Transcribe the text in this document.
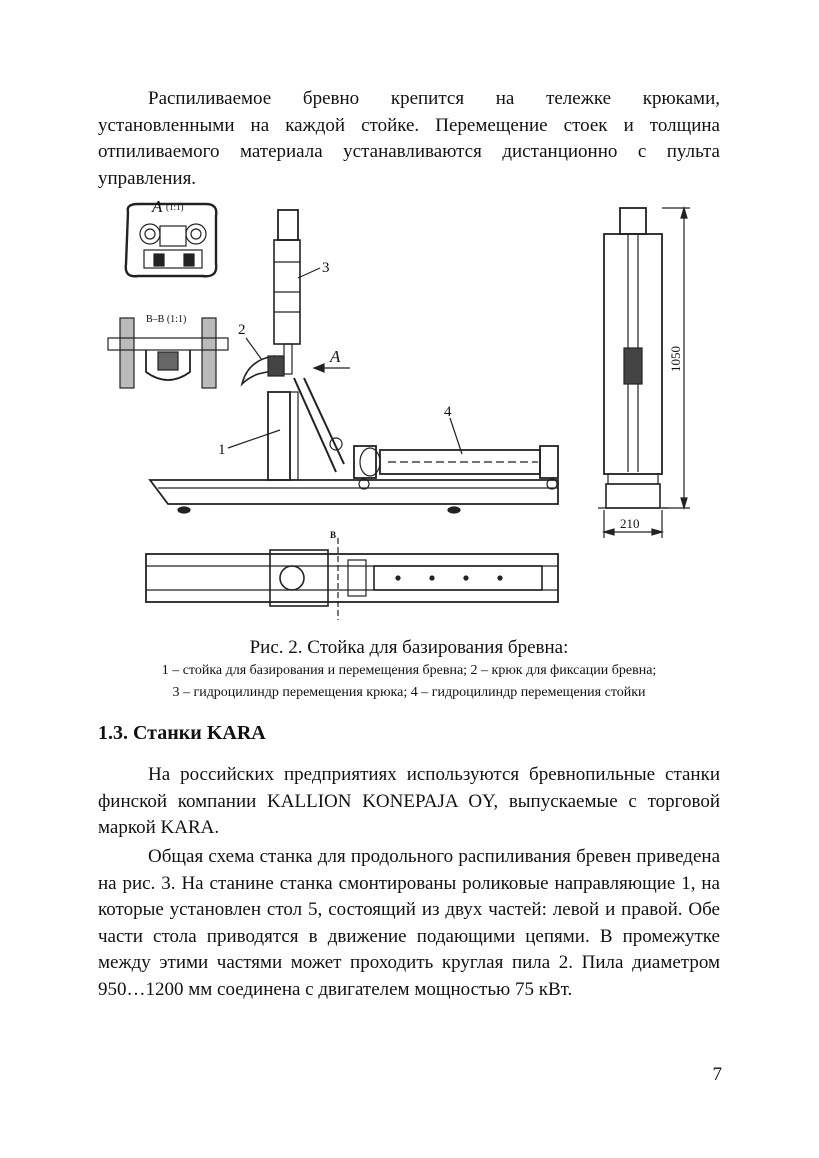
Распиливаемое бревно крепится на тележке крюками, установленными на каждой стойке. Перемещение стоек и толщина отпиливаемого материала устанавливаются дистанционно с пульта управления.

А (1:1)
В–В (1:1)
А
1
2
3
4
1050
210
В
Рис. 2. Стойка для базирования бревна:
1 – стойка для базирования и перемещения бревна; 2 – крюк для фиксации бревна;
3 – гидроцилиндр перемещения крюка; 4 – гидроцилиндр перемещения стойки
1.3. Станки KARA

На российских предприятиях используются бревнопильные станки финской компании KALLION KONEPAJA OY, выпускаемые с торговой маркой KARA.

Общая схема станка для продольного распиливания бревен приведена на рис. 3. На станине станка смонтированы роликовые направляющие 1, на которые установлен стол 5, состоящий из двух частей: левой и правой. Обе части стола приводятся в движение подающими цепями. В промежутке между этими частями может проходить круглая пила 2. Пила диаметром 950…1200 мм соединена с двигателем мощностью 75 кВт.

7
